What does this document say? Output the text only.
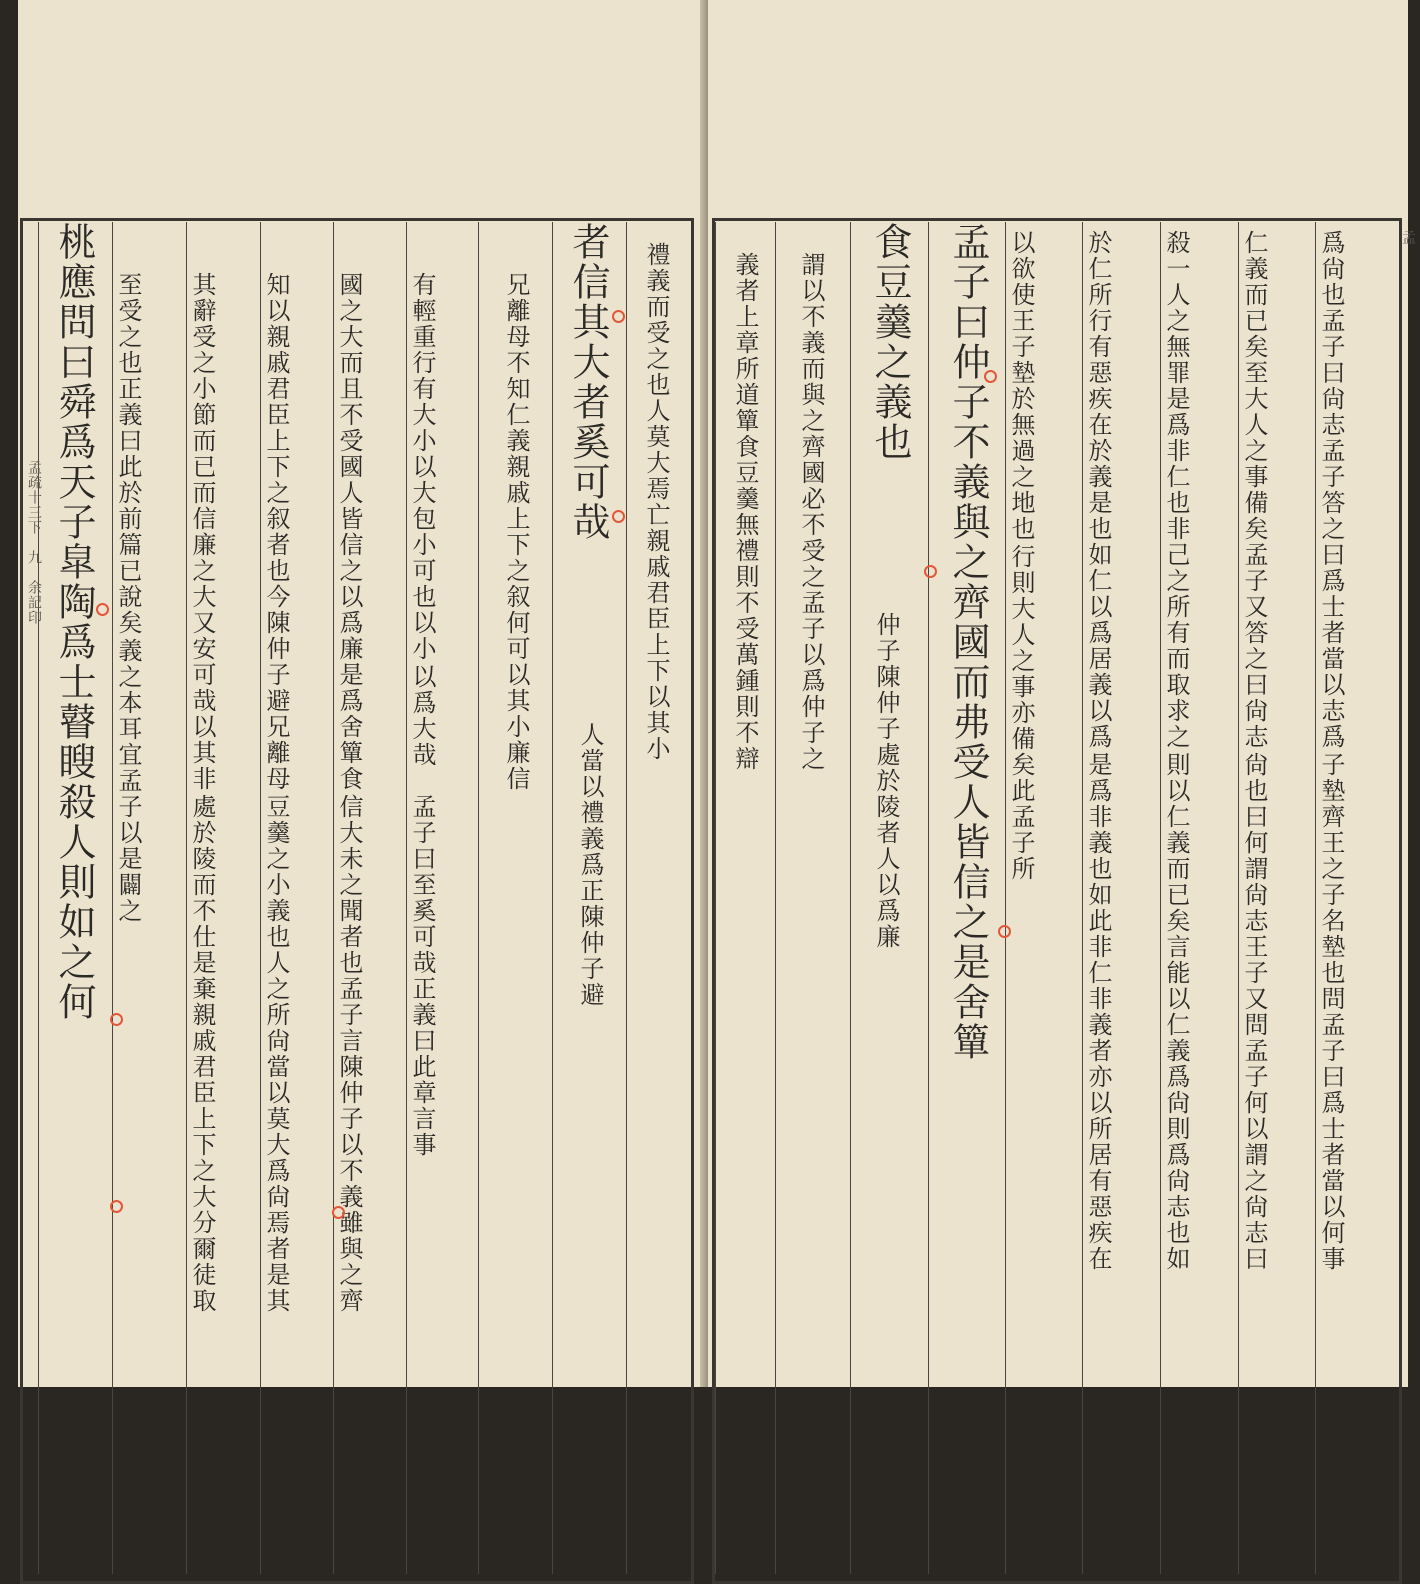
子墊齊王之子名墊也問孟子曰爲士者當以何事
爲尙也孟子曰尙志孟子答之曰爲士者當以志爲
尙也曰何謂尙志王子又問孟子何以謂之尙志曰
仁義而已矣至大人之事備矣孟子又答之曰尙志
則以仁義而已矣言能以仁義爲尙則爲尙志也如
殺一人之無罪是爲非仁也非己之所有而取求之
是爲非義也如此非仁非義者亦以所居有惡疾在
於仁所行有惡疾在於義是也如仁以爲居義以爲
行則大人之事亦備矣此孟子所
以欲使王子墊於無過之地也
孟子曰仲子不義與之齊國而弗受人皆信之是舍簞
食豆羹之義也
仲子陳仲子處於陵者人以爲廉
謂以不義而與之齊國必不受之孟子以爲仲子之
義者上章所道簞食豆羹無禮則不受萬鍾則不辯
孟
禮義而受之也人莫大焉亡親戚君臣上下以其小
者信其大者奚可哉
人當以禮義爲正陳仲子避
兄離母不知仁義親戚上下之叙何可以其小廉信
以爲大哉　孟子曰至奚可哉正義曰此章言事
有輕重行有大小以大包小可也以小
信大未之聞者也孟子言陳仲子以不義雖與之齊
國之大而且不受國人皆信之以爲廉是爲舍簞食
豆羹之小義也人之所尙當以莫大爲尙焉者是其
知以親戚君臣上下之叙者也今陳仲子避兄離母
處於陵而不仕是棄親戚君臣上下之大分爾徒取
其辭受之小節而已而信廉之大又安可哉以其非
義之本耳宜孟子以是闢之
至受之也正義曰此於前篇已說矣
桃應問曰舜爲天子皐陶爲士瞽瞍殺人則如之何
孟疏十三下　九　余記印
